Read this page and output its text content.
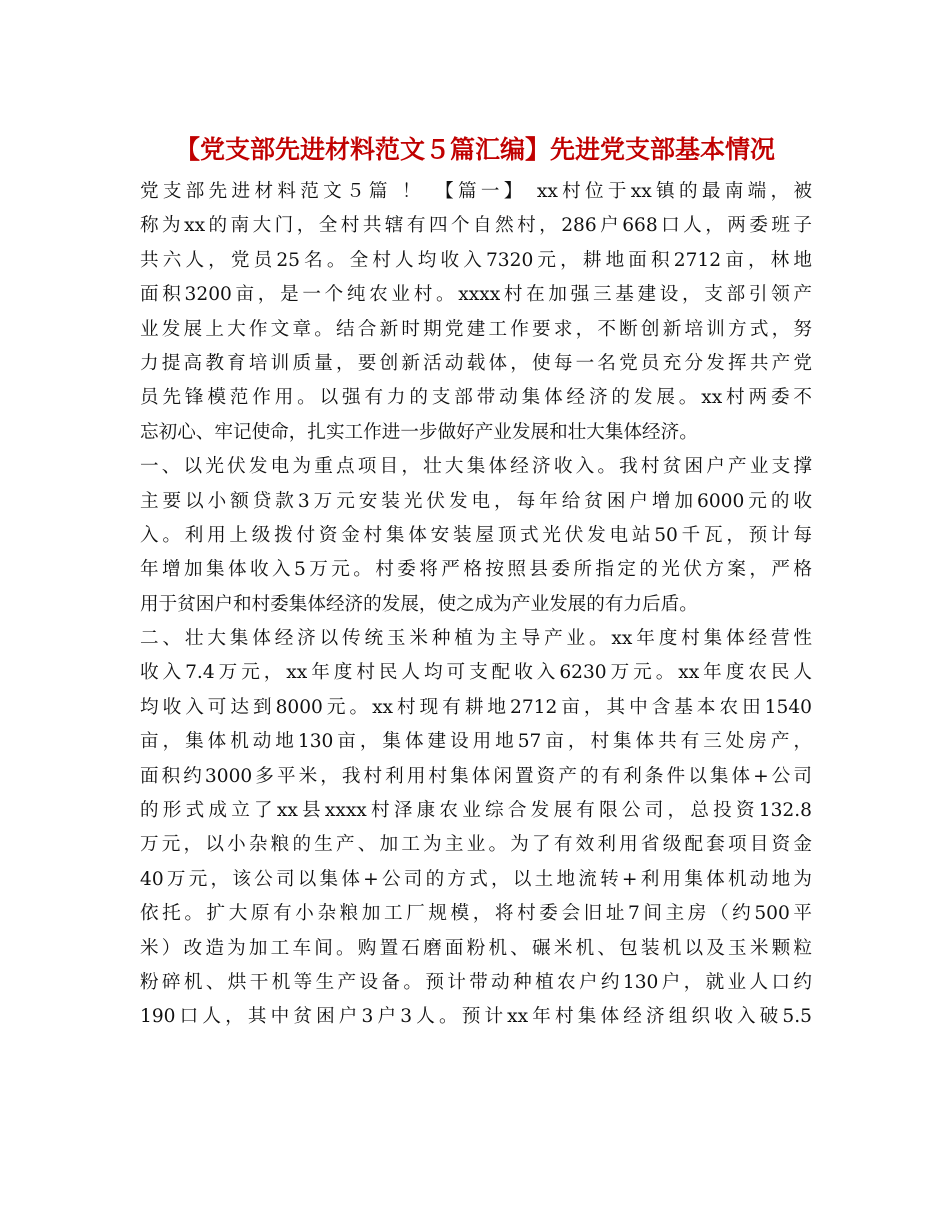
【党支部先进材料范文５篇汇编】先进党支部基本情况
党支部先进材料范文５篇 ！ 【篇一】 xx村位于xx镇的最南端，被
称为xx的南大门，全村共辖有四个自然村，286户668口人，两委班子
共六人，党员25名。全村人均收入7320元，耕地面积2712亩，林地
面积3200亩，是一个纯农业村。xxxx村在加强三基建设，支部引领产
业发展上大作文章。结合新时期党建工作要求，不断创新培训方式，努
力提高教育培训质量，要创新活动载体，使每一名党员充分发挥共产党
员先锋模范作用。以强有力的支部带动集体经济的发展。xx村两委不
忘初心、牢记使命，扎实工作进一步做好产业发展和壮大集体经济。
一、以光伏发电为重点项目，壮大集体经济收入。我村贫困户产业支撑
主要以小额贷款3万元安装光伏发电，每年给贫困户增加6000元的收
入。利用上级拨付资金村集体安装屋顶式光伏发电站50千瓦，预计每
年增加集体收入5万元。村委将严格按照县委所指定的光伏方案，严格
用于贫困户和村委集体经济的发展，使之成为产业发展的有力后盾。
二、壮大集体经济以传统玉米种植为主导产业。xx年度村集体经营性
收入7.4万元，xx年度村民人均可支配收入6230万元。xx年度农民人
均收入可达到8000元。xx村现有耕地2712亩，其中含基本农田1540
亩，集体机动地130亩，集体建设用地57亩，村集体共有三处房产，
面积约3000多平米，我村利用村集体闲置资产的有利条件以集体+公司
的形式成立了xx县xxxx村泽康农业综合发展有限公司，总投资132.8
万元，以小杂粮的生产、加工为主业。为了有效利用省级配套项目资金
40万元，该公司以集体+公司的方式，以土地流转+利用集体机动地为
依托。扩大原有小杂粮加工厂规模，将村委会旧址7间主房（约500平
米）改造为加工车间。购置石磨面粉机、碾米机、包装机以及玉米颗粒
粉碎机、烘干机等生产设备。预计带动种植农户约130户，就业人口约
190口人，其中贫困户3户3人。预计xx年村集体经济组织收入破5.5
